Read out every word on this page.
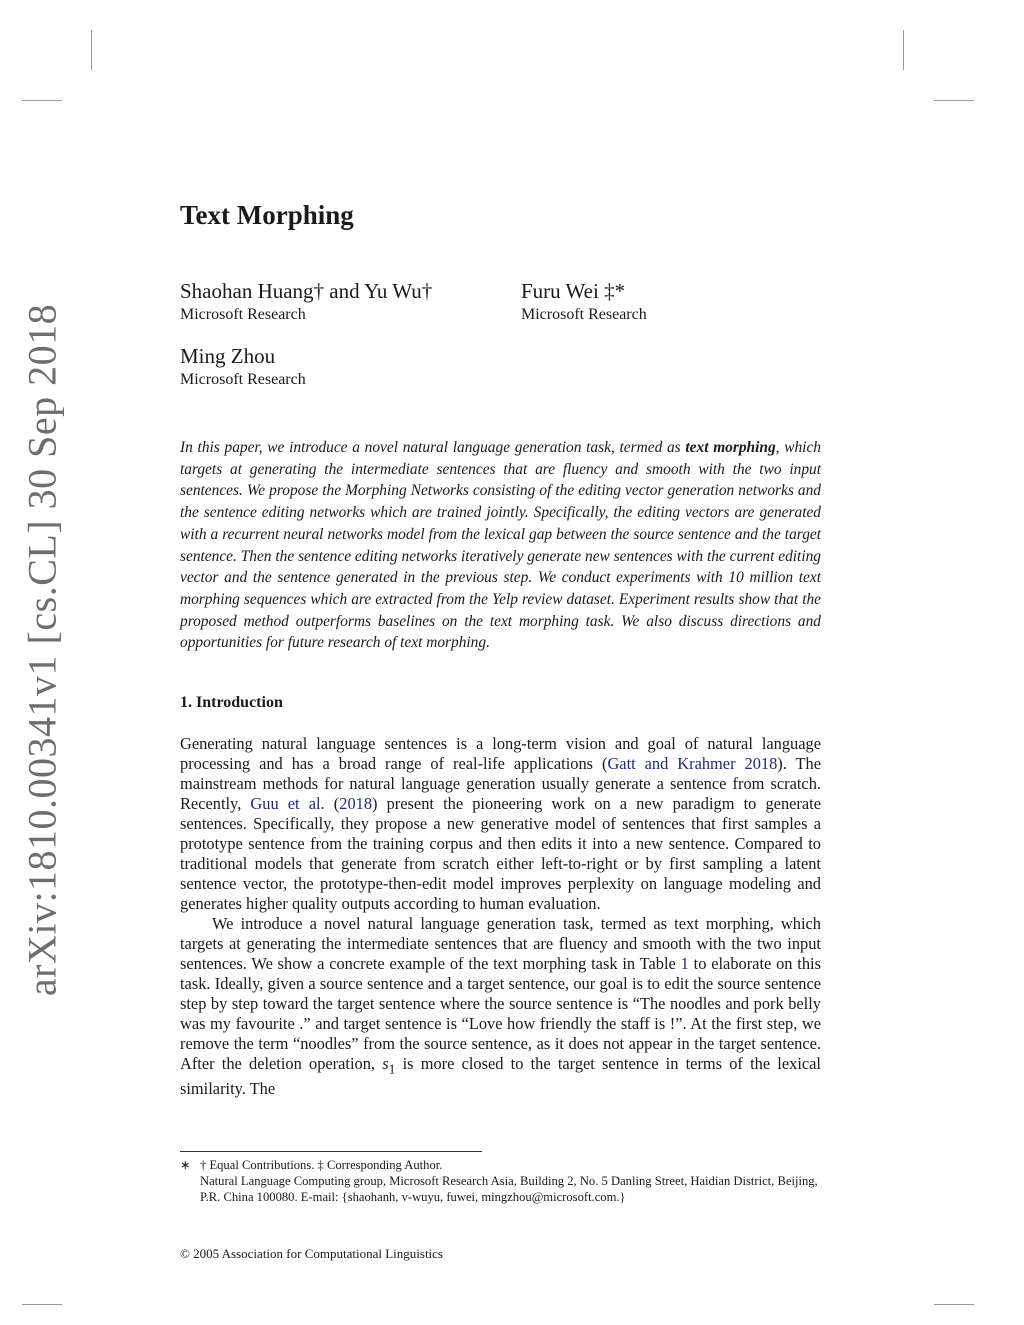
arXiv:1810.00341v1 [cs.CL] 30 Sep 2018
Text Morphing
Shaohan Huang† and Yu Wu†
Microsoft Research
Furu Wei ‡*
Microsoft Research
Ming Zhou
Microsoft Research

In this paper, we introduce a novel natural language generation task, termed as text morphing, which targets at generating the intermediate sentences that are fluency and smooth with the two input sentences. We propose the Morphing Networks consisting of the editing vector generation networks and the sentence editing networks which are trained jointly. Specifically, the editing vectors are generated with a recurrent neural networks model from the lexical gap between the source sentence and the target sentence. Then the sentence editing networks iteratively generate new sentences with the current editing vector and the sentence generated in the previous step. We conduct experiments with 10 million text morphing sequences which are extracted from the Yelp review dataset. Experiment results show that the proposed method outperforms baselines on the text morphing task. We also discuss directions and opportunities for future research of text morphing.

1. Introduction

Generating natural language sentences is a long-term vision and goal of natural language processing and has a broad range of real-life applications (Gatt and Krahmer 2018). The mainstream methods for natural language generation usually generate a sentence from scratch. Recently, Guu et al. (2018) present the pioneering work on a new paradigm to generate sentences. Specifically, they propose a new generative model of sentences that first samples a prototype sentence from the training corpus and then edits it into a new sentence. Compared to traditional models that generate from scratch either left-to-right or by first sampling a latent sentence vector, the prototype-then-edit model improves perplexity on language modeling and generates higher quality outputs according to human evaluation.

We introduce a novel natural language generation task, termed as text morphing, which targets at generating the intermediate sentences that are fluency and smooth with the two input sentences. We show a concrete example of the text morphing task in Table 1 to elaborate on this task. Ideally, given a source sentence and a target sentence, our goal is to edit the source sentence step by step toward the target sentence where the source sentence is “The noodles and pork belly was my favourite .” and target sentence is “Love how friendly the staff is !”. At the first step, we remove the term “noodles” from the source sentence, as it does not appear in the target sentence. After the deletion operation, $s_1$ is more closed to the target sentence in terms of the lexical similarity. The

∗ † Equal Contributions. ‡ Corresponding Author.
Natural Language Computing group, Microsoft Research Asia, Building 2, No. 5 Danling Street, Haidian District, Beijing, P.R. China 100080. E-mail: {shaohanh, v-wuyu, fuwei, mingzhou@microsoft.com.}
© 2005 Association for Computational Linguistics
